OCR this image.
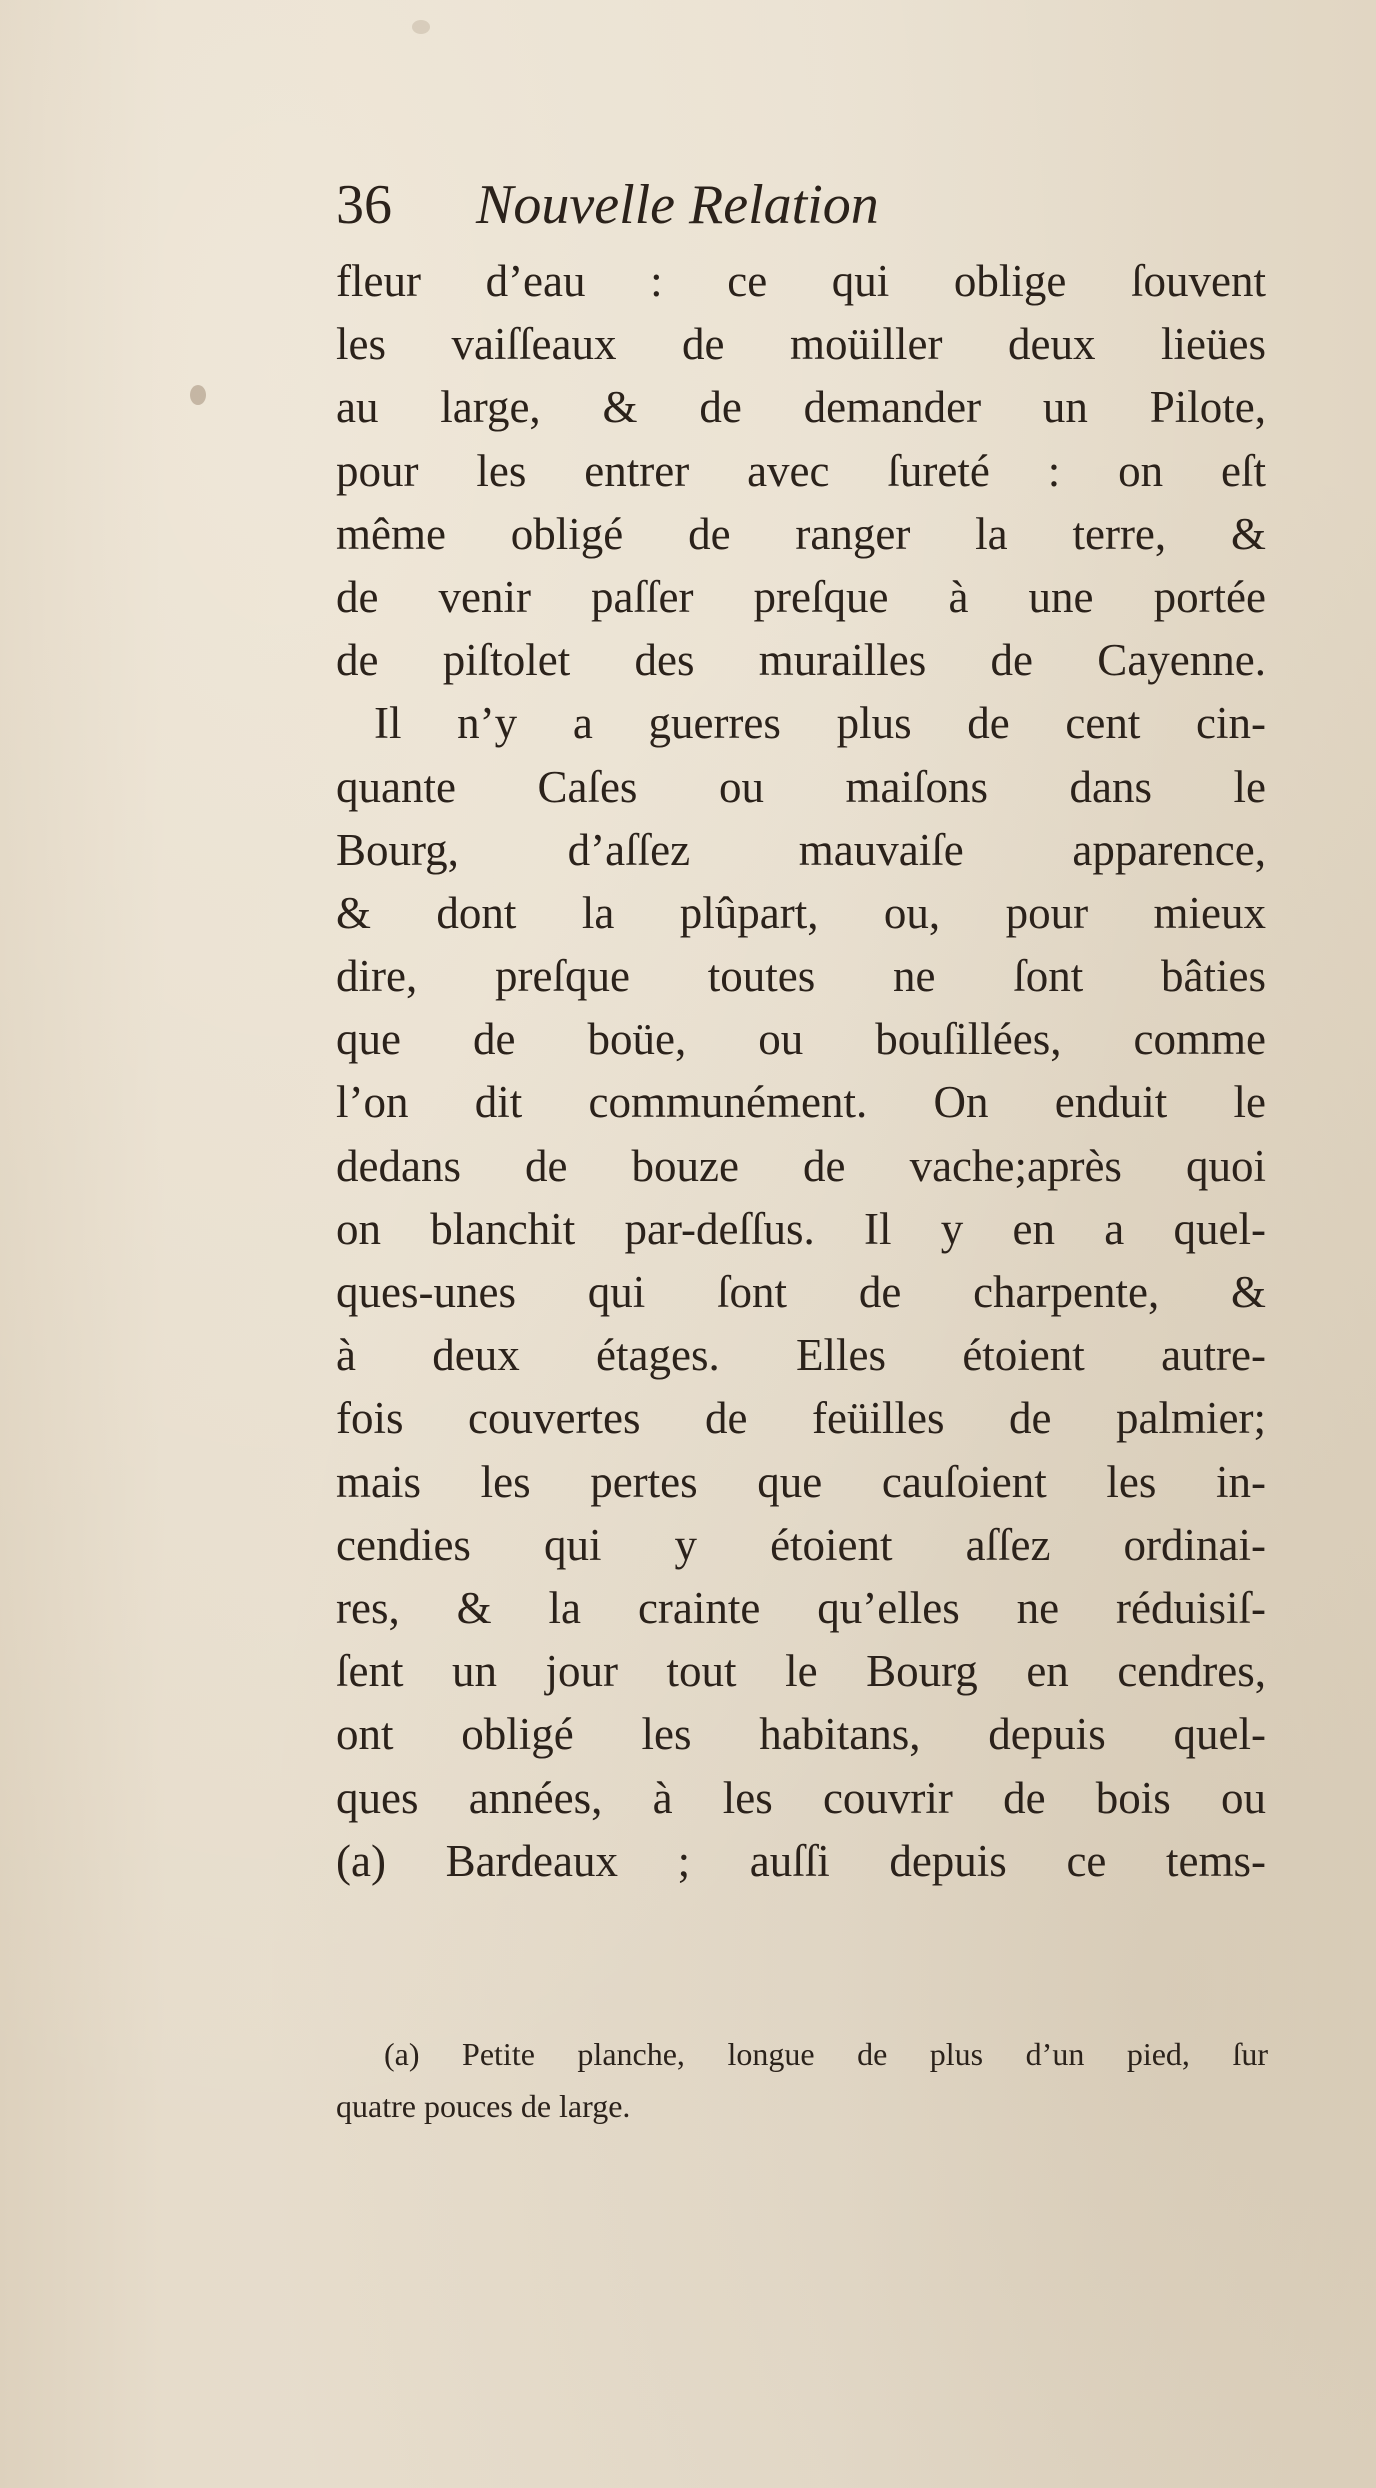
36 Nouvelle Relation
fleur d’eau : ce qui oblige ſouvent
les vaiſſeaux de moüiller deux lieües
au large, & de demander un Pilote,
pour les entrer avec ſureté : on eſt
même obligé de ranger la terre, &
de venir paſſer preſque à une portée
de piſtolet des murailles de Cayenne.
Il n’y a guerres plus de cent cin-
quante Caſes ou maiſons dans le
Bourg, d’aſſez mauvaiſe apparence,
& dont la plûpart, ou, pour mieux
dire, preſque toutes ne ſont bâties
que de boüe, ou bouſillées, comme
l’on dit communément. On enduit le
dedans de bouze de vache;après quoi
on blanchit par-deſſus. Il y en a quel-
ques-unes qui ſont de charpente, &
à deux étages. Elles étoient autre-
fois couvertes de feüilles de palmier;
mais les pertes que cauſoient les in-
cendies qui y étoient aſſez ordinai-
res, & la crainte qu’elles ne réduisiſ-
ſent un jour tout le Bourg en cendres,
ont obligé les habitans, depuis quel-
ques années, à les couvrir de bois ou
(a) Bardeaux ; auſſi depuis ce tems-
(a) Petite planche, longue de plus d’un pied, ſur
quatre pouces de large.
